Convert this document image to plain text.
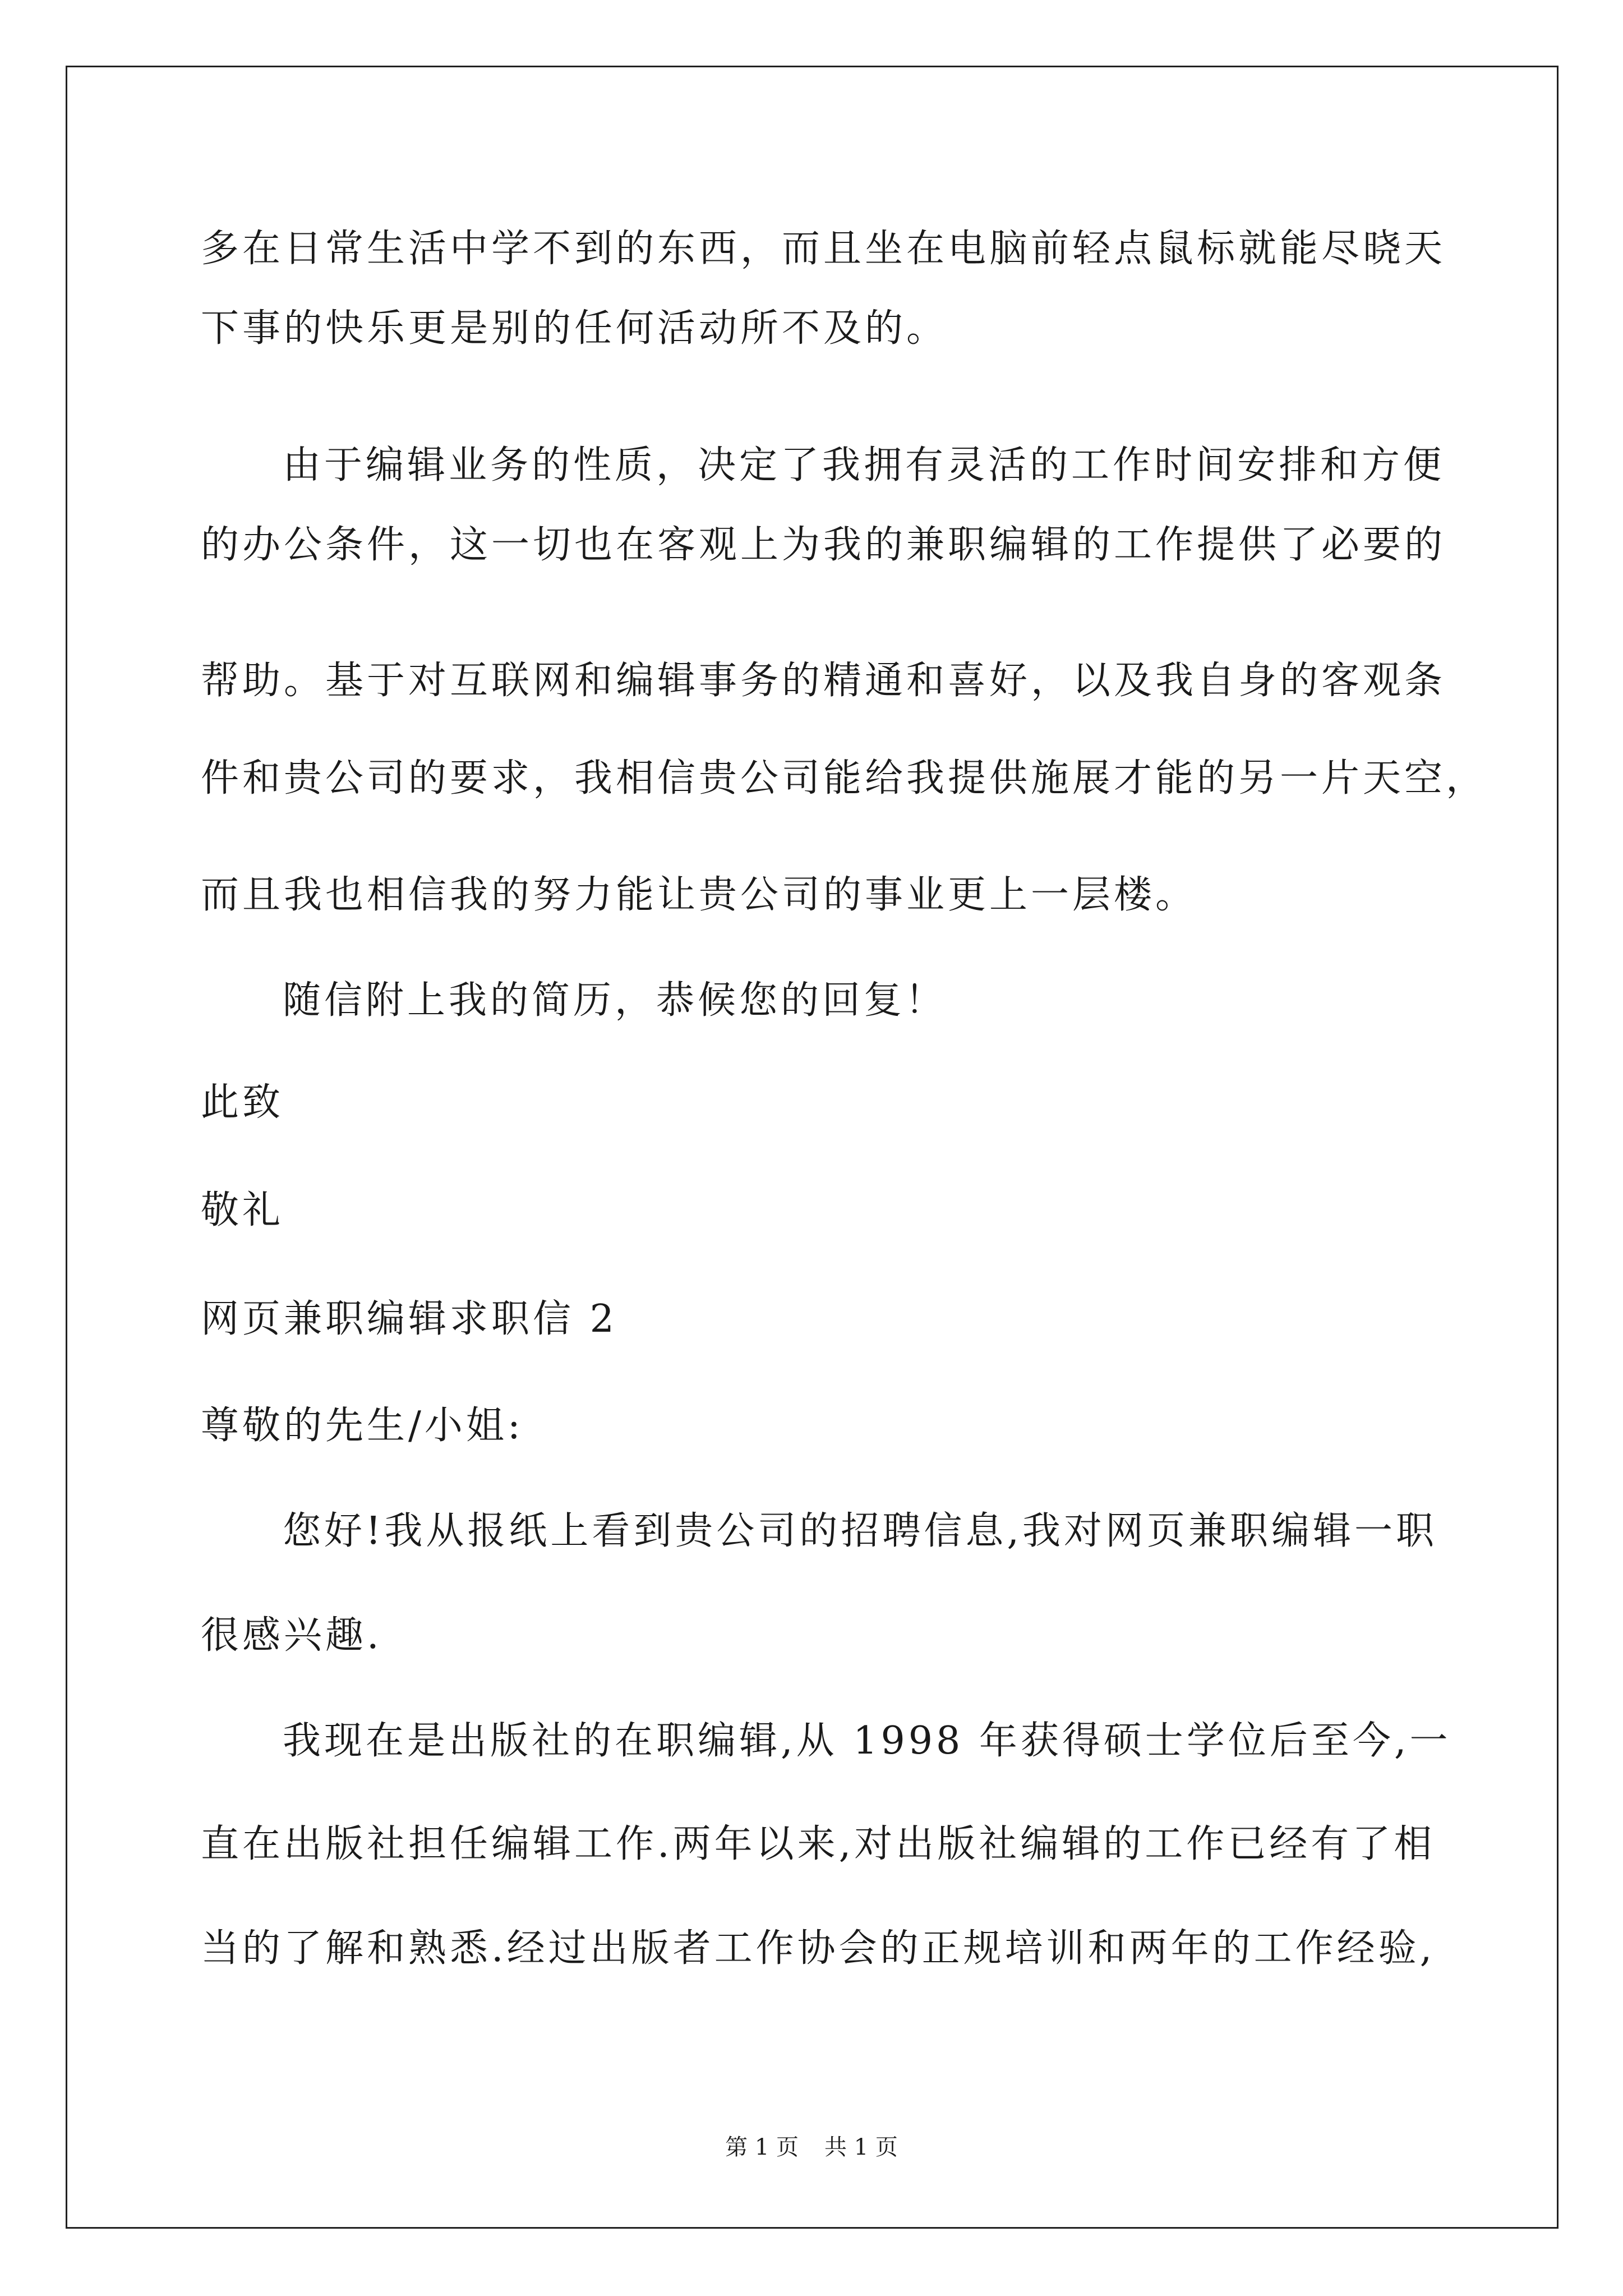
多在日常生活中学不到的东西，而且坐在电脑前轻点鼠标就能尽晓天
下事的快乐更是别的任何活动所不及的。
由于编辑业务的性质，决定了我拥有灵活的工作时间安排和方便
的办公条件，这一切也在客观上为我的兼职编辑的工作提供了必要的
帮助。基于对互联网和编辑事务的精通和喜好，以及我自身的客观条
件和贵公司的要求，我相信贵公司能给我提供施展才能的另一片天空，
而且我也相信我的努力能让贵公司的事业更上一层楼。
随信附上我的简历，恭候您的回复！
此致
敬礼
网页兼职编辑求职信 2
尊敬的先生/小姐:
您好!我从报纸上看到贵公司的招聘信息,我对网页兼职编辑一职
很感兴趣.
我现在是出版社的在职编辑,从 1998 年获得硕士学位后至今,一
直在出版社担任编辑工作.两年以来,对出版社编辑的工作已经有了相
当的了解和熟悉.经过出版者工作协会的正规培训和两年的工作经验,
第 1 页 共 1 页
